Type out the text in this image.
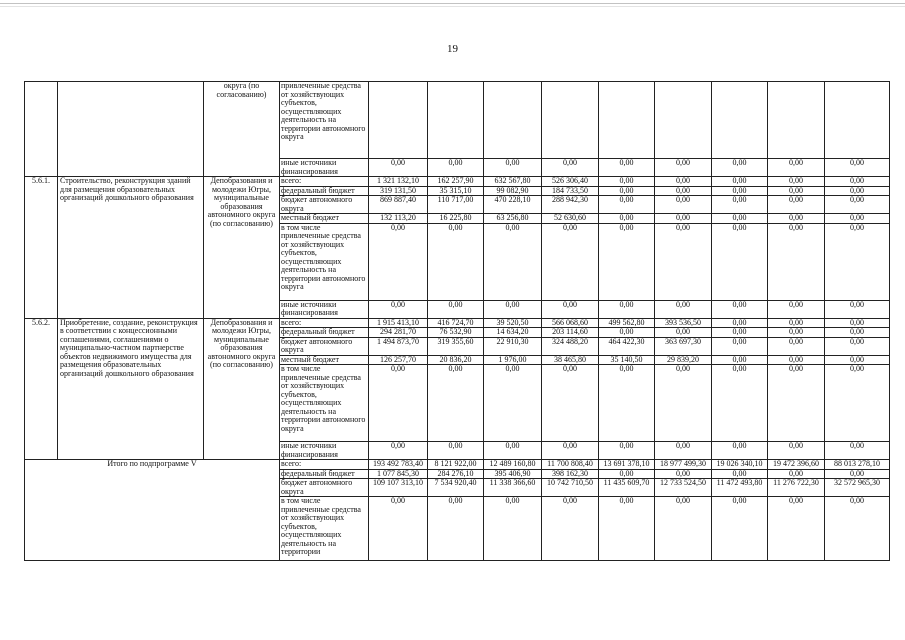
19
		округа (по согласованию)	привлеченные средства от хозяйствующих субъектов, осуществляющих деятельность на территории автономного округа									
			иные источники финансирования	0,00	0,00	0,00	0,00	0,00	0,00	0,00	0,00	0,00
5.6.1.	Строительство, реконструкция зданий для размещения образовательных организаций дошкольного образования	Депобразования и молодежи Югры, муниципальные образования автономного округа (по согласованию)	всего:	1 321 132,10	162 257,90	632 567,80	526 306,40	0,00	0,00	0,00	0,00	0,00
			федеральный бюджет	319 131,50	35 315,10	99 082,90	184 733,50	0,00	0,00	0,00	0,00	0,00
			бюджет автономного округа	869 887,40	110 717,00	470 228,10	288 942,30	0,00	0,00	0,00	0,00	0,00
			местный бюджет	132 113,20	16 225,80	63 256,80	52 630,60	0,00	0,00	0,00	0,00	0,00
			в том числе привлеченные средства от хозяйствующих субъектов, осуществляющих деятельность на территории автономного округа	0,00	0,00	0,00	0,00	0,00	0,00	0,00	0,00	0,00
			иные источники финансирования	0,00	0,00	0,00	0,00	0,00	0,00	0,00	0,00	0,00
5.6.2.	Приобретение, создание, реконструкция в соответствии с концессионными соглашениями, соглашениями о муниципально-частном партнерстве объектов недвижимого имущества для размещения образовательных организаций дошкольного образования	Депобразования и молодежи Югры, муниципальные образования автономного округа (по согласованию)	всего:	1 915 413,10	416 724,70	39 520,50	566 068,60	499 562,80	393 536,50	0,00	0,00	0,00
			федеральный бюджет	294 281,70	76 532,90	14 634,20	203 114,60	0,00	0,00	0,00	0,00	0,00
			бюджет автономного округа	1 494 873,70	319 355,60	22 910,30	324 488,20	464 422,30	363 697,30	0,00	0,00	0,00
			местный бюджет	126 257,70	20 836,20	1 976,00	38 465,80	35 140,50	29 839,20	0,00	0,00	0,00
			в том числе привлеченные средства от хозяйствующих субъектов, осуществляющих деятельность на территории автономного округа	0,00	0,00	0,00	0,00	0,00	0,00	0,00	0,00	0,00
			иные источники финансирования	0,00	0,00	0,00	0,00	0,00	0,00	0,00	0,00	0,00
Итого по подпрограмме V			всего:	193 492 783,40	8 121 922,00	12 489 160,80	11 700 808,40	13 691 378,10	18 977 499,30	19 026 340,10	19 472 396,60	88 013 278,10
			федеральный бюджет	1 077 845,30	284 276,10	395 406,90	398 162,30	0,00	0,00	0,00	0,00	0,00
			бюджет автономного округа	109 107 313,10	7 534 920,40	11 338 366,60	10 742 710,50	11 435 609,70	12 733 524,50	11 472 493,80	11 276 722,30	32 572 965,30
			в том числе привлеченные средства от хозяйствующих субъектов, осуществляющих деятельность на территории	0,00	0,00	0,00	0,00	0,00	0,00	0,00	0,00	0,00
